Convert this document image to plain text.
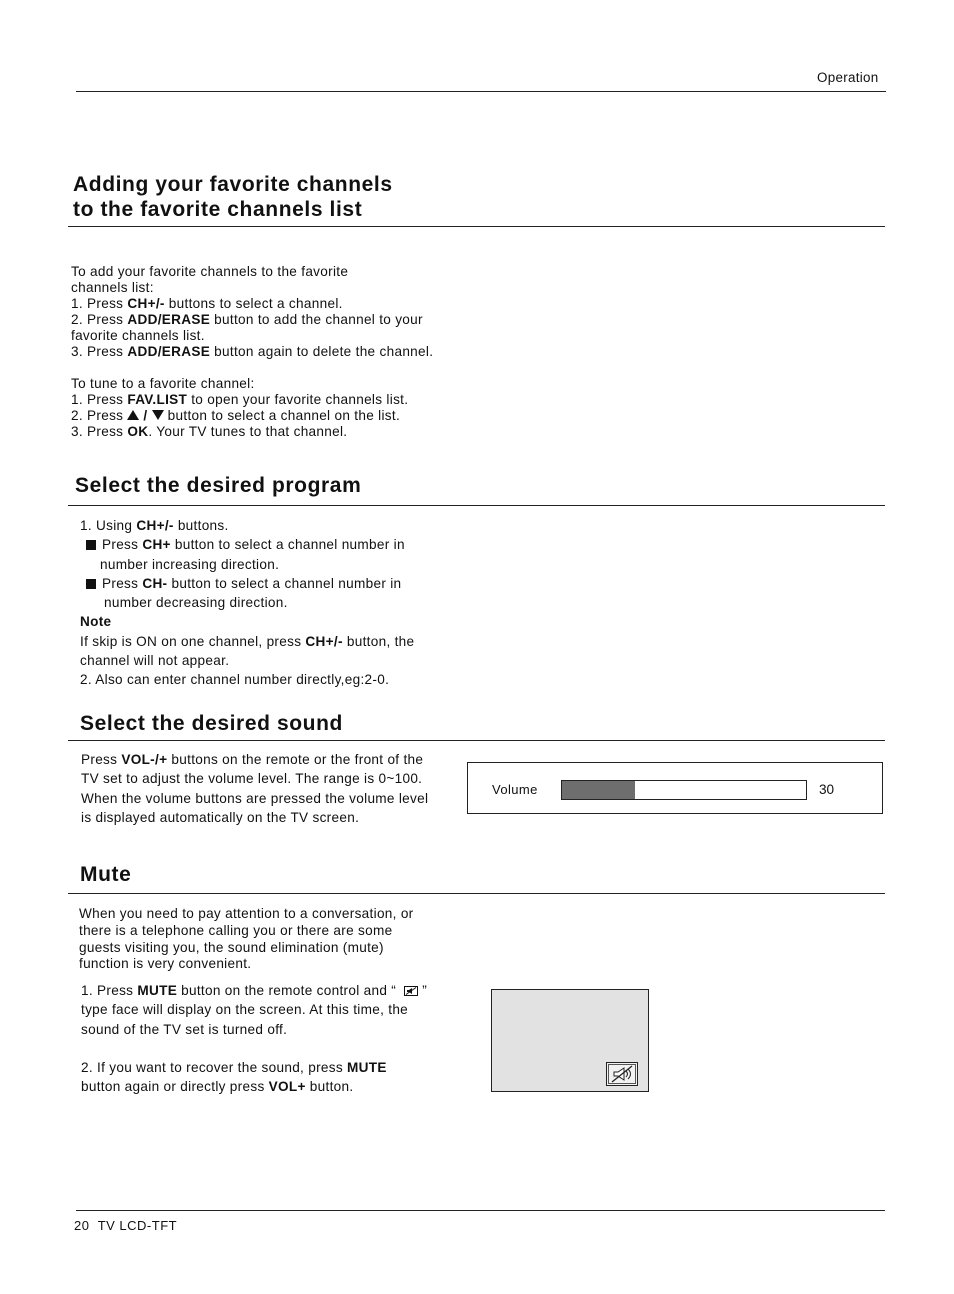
Operation
Adding your favorite channels
to the favorite channels list
To add your favorite channels to the favorite
channels list:
1. Press CH+/- buttons to select a channel.
2. Press ADD/ERASE button to add the channel to your
favorite channels list.
3. Press ADD/ERASE button again to delete the channel.
To tune to a favorite channel:
1. Press FAV.LIST to open your favorite channels list.
2. Press  /  button to select a channel on the list.
3. Press OK. Your TV tunes to that channel.
Select the desired program
1. Using CH+/- buttons.
Press CH+ button to select a channel number in
number increasing direction.
Press CH- button to select a channel number in
number decreasing direction.
Note
If skip is ON on one channel, press CH+/- button, the
channel will not appear.
2. Also can enter channel number directly,eg:2-0.
Select the desired sound
Press VOL-/+ buttons on the remote or the front of the
TV set to adjust the volume level. The range is 0~100.
When the volume buttons are pressed the volume level
is displayed automatically on the TV screen.
Volume	30
Mute
When you need to pay attention to a conversation, or
there is a telephone calling you or there are some
guests visiting you, the sound elimination (mute)
function is very convenient.
1. Press MUTE button on the remote control and “ ”
type face will display on the screen. At this time, the
sound of the TV set is turned off.
2. If you want to recover the sound, press MUTE
button again or directly press VOL+ button.
20 TV LCD-TFT
